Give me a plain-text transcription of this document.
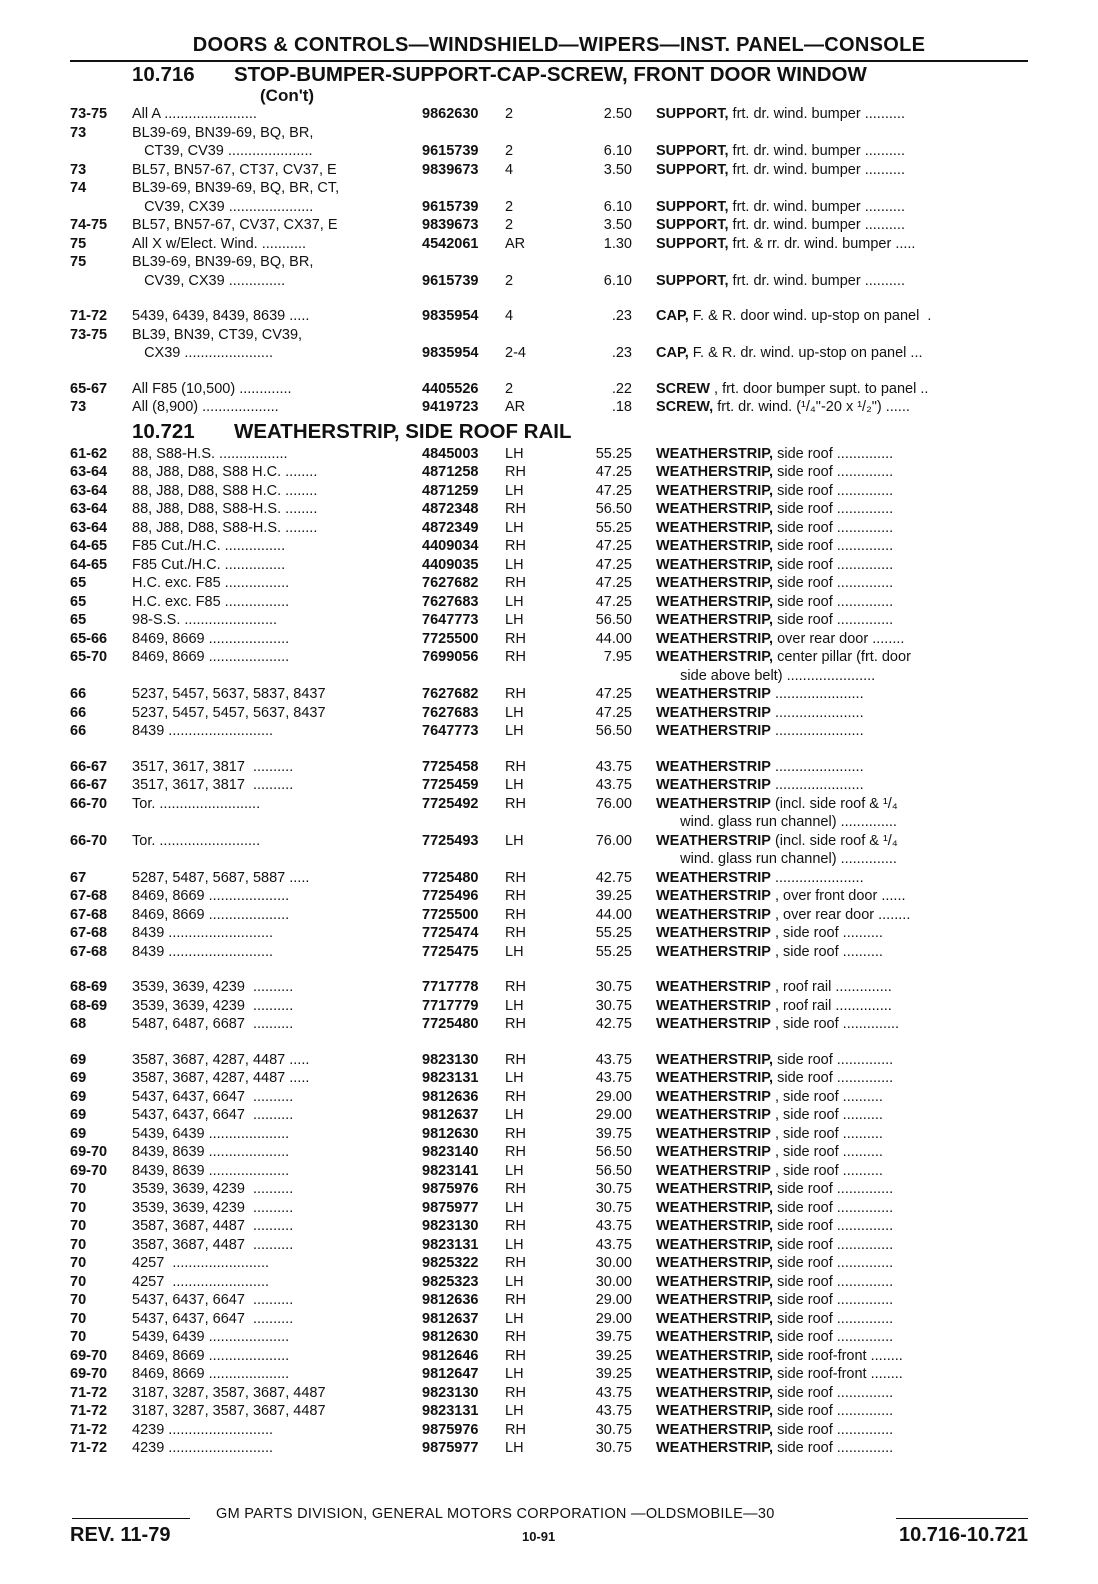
DOORS & CONTROLS—WINDSHIELD—WIPERS—INST. PANEL—CONSOLE
10.716 STOP-BUMPER-SUPPORT-CAP-SCREW, FRONT DOOR WINDOW
(Con't)
73-75	All A .......................	9862630 2	2.50 SUPPORT, frt. dr. wind. bumper ..........
73	BL39-69, BN39-69, BQ, BR,
CT39, CV39 .....................	9615739 2	6.10 SUPPORT, frt. dr. wind. bumper ..........
73	BL57, BN57-67, CT37, CV37, E	9839673 4	3.50 SUPPORT, frt. dr. wind. bumper ..........
74	BL39-69, BN39-69, BQ, BR, CT,
CV39, CX39 .....................	9615739 2	6.10 SUPPORT, frt. dr. wind. bumper ..........
74-75	BL57, BN57-67, CV37, CX37, E	9839673 2	3.50 SUPPORT, frt. dr. wind. bumper ..........
75	All X w/Elect. Wind. ...........	4542061 AR	1.30 SUPPORT, frt. & rr. dr. wind. bumper .....
75	BL39-69, BN39-69, BQ, BR,
CV39, CX39 ..............	9615739 2	6.10 SUPPORT, frt. dr. wind. bumper ..........
71-72	5439, 6439, 8439, 8639 .....	9835954 4	.23 CAP, F. & R. door wind. up-stop on panel  .
73-75	BL39, BN39, CT39, CV39,
CX39 ......................	9835954 2-4	.23 CAP, F. & R. dr. wind. up-stop on panel ...
65-67	All F85 (10,500) .............	4405526 2	.22 SCREW , frt. door bumper supt. to panel ..
73	All (8,900) ...................	9419723 AR	.18 SCREW, frt. dr. wind. (¹/₄"-20 x ¹/₂") ......
10.721 WEATHERSTRIP, SIDE ROOF RAIL
61-62	88, S88-H.S. .................	4845003 LH	55.25 WEATHERSTRIP, side roof ..............
63-64	88, J88, D88, S88 H.C. ........	4871258 RH	47.25 WEATHERSTRIP, side roof ..............
63-64	88, J88, D88, S88 H.C. ........	4871259 LH	47.25 WEATHERSTRIP, side roof ..............
63-64	88, J88, D88, S88-H.S. ........	4872348 RH	56.50 WEATHERSTRIP, side roof ..............
63-64	88, J88, D88, S88-H.S. ........	4872349 LH	55.25 WEATHERSTRIP, side roof ..............
64-65	F85 Cut./H.C. ...............	4409034 RH	47.25 WEATHERSTRIP, side roof ..............
64-65	F85 Cut./H.C. ...............	4409035 LH	47.25 WEATHERSTRIP, side roof ..............
65	H.C. exc. F85 ................	7627682 RH	47.25 WEATHERSTRIP, side roof ..............
65	H.C. exc. F85 ................	7627683 LH	47.25 WEATHERSTRIP, side roof ..............
65	98-S.S. .......................	7647773 LH	56.50 WEATHERSTRIP, side roof ..............
65-66	8469, 8669 ....................	7725500 RH	44.00 WEATHERSTRIP, over rear door ........
65-70	8469, 8669 ....................	7699056 RH	7.95 WEATHERSTRIP, center pillar (frt. door
side above belt) ......................
66	5237, 5457, 5637, 5837, 8437	7627682 RH	47.25 WEATHERSTRIP ......................
66	5237, 5457, 5457, 5637, 8437	7627683 LH	47.25 WEATHERSTRIP ......................
66	8439 ..........................	7647773 LH	56.50 WEATHERSTRIP ......................
66-67	3517, 3617, 3817  ..........	7725458 RH	43.75 WEATHERSTRIP ......................
66-67	3517, 3617, 3817  ..........	7725459 LH	43.75 WEATHERSTRIP ......................
66-70	Tor. .........................	7725492 RH	76.00 WEATHERSTRIP (incl. side roof & ¹/₄
wind. glass run channel) ..............
66-70	Tor. .........................	7725493 LH	76.00 WEATHERSTRIP (incl. side roof & ¹/₄
wind. glass run channel) ..............
67	5287, 5487, 5687, 5887 .....	7725480 RH	42.75 WEATHERSTRIP ......................
67-68	8469, 8669 ....................	7725496 RH	39.25 WEATHERSTRIP , over front door ......
67-68	8469, 8669 ....................	7725500 RH	44.00 WEATHERSTRIP , over rear door ........
67-68	8439 ..........................	7725474 RH	55.25 WEATHERSTRIP , side roof ..........
67-68	8439 ..........................	7725475 LH	55.25 WEATHERSTRIP , side roof ..........
68-69	3539, 3639, 4239  ..........	7717778 RH	30.75 WEATHERSTRIP , roof rail ..............
68-69	3539, 3639, 4239  ..........	7717779 LH	30.75 WEATHERSTRIP , roof rail ..............
68	5487, 6487, 6687  ..........	7725480 RH	42.75 WEATHERSTRIP , side roof ..............
69	3587, 3687, 4287, 4487 .....	9823130 RH	43.75 WEATHERSTRIP, side roof ..............
69	3587, 3687, 4287, 4487 .....	9823131 LH	43.75 WEATHERSTRIP, side roof ..............
69	5437, 6437, 6647  ..........	9812636 RH	29.00 WEATHERSTRIP , side roof ..........
69	5437, 6437, 6647  ..........	9812637 LH	29.00 WEATHERSTRIP , side roof ..........
69	5439, 6439 ....................	9812630 RH	39.75 WEATHERSTRIP , side roof ..........
69-70	8439, 8639 ....................	9823140 RH	56.50 WEATHERSTRIP , side roof ..........
69-70	8439, 8639 ....................	9823141 LH	56.50 WEATHERSTRIP , side roof ..........
70	3539, 3639, 4239  ..........	9875976 RH	30.75 WEATHERSTRIP, side roof ..............
70	3539, 3639, 4239  ..........	9875977 LH	30.75 WEATHERSTRIP, side roof ..............
70	3587, 3687, 4487  ..........	9823130 RH	43.75 WEATHERSTRIP, side roof ..............
70	3587, 3687, 4487  ..........	9823131 LH	43.75 WEATHERSTRIP, side roof ..............
70	4257  ........................	9825322 RH	30.00 WEATHERSTRIP, side roof ..............
70	4257  ........................	9825323 LH	30.00 WEATHERSTRIP, side roof ..............
70	5437, 6437, 6647  ..........	9812636 RH	29.00 WEATHERSTRIP, side roof ..............
70	5437, 6437, 6647  ..........	9812637 LH	29.00 WEATHERSTRIP, side roof ..............
70	5439, 6439 ....................	9812630 RH	39.75 WEATHERSTRIP, side roof ..............
69-70	8469, 8669 ....................	9812646 RH	39.25 WEATHERSTRIP, side roof-front ........
69-70	8469, 8669 ....................	9812647 LH	39.25 WEATHERSTRIP, side roof-front ........
71-72	3187, 3287, 3587, 3687, 4487	9823130 RH	43.75 WEATHERSTRIP, side roof ..............
71-72	3187, 3287, 3587, 3687, 4487	9823131 LH	43.75 WEATHERSTRIP, side roof ..............
71-72	4239 ..........................	9875976 RH	30.75 WEATHERSTRIP, side roof ..............
71-72	4239 ..........................	9875977 LH	30.75 WEATHERSTRIP, side roof ..............
GM PARTS DIVISION, GENERAL MOTORS CORPORATION —OLDSMOBILE—30
REV. 11-79	10-91	10.716-10.721
